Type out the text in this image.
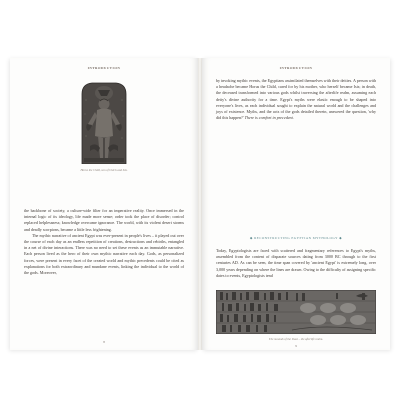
INTRODUCTION
Horus the Child, son of Osiris and Isis.

the backbone of society, a culture-wide filter for an imperative reality. Once immersed in the internal logic of its ideology, life made more sense; order took the place of disorder; control replaced helplessness; knowledge overcame ignorance. The world, with its violent desert storms and deadly scorpions, became a little less frightening.

The mythic narrative of ancient Egypt was ever-present in people's lives – it played out over the course of each day as an endless repetition of creations, destructions and rebirths, entangled in a net of divine interactions. There was no need to set these events as an immutable narrative. Each person lived as the hero of their own mythic narrative each day. Gods, as personalized forces, were present in every facet of the created world and mythic precedents could be cited as explanations for both extraordinary and mundane events, linking the individual to the world of the gods. Moreover,

8
INTRODUCTION

by invoking mythic events, the Egyptians assimilated themselves with their deities. A person with a headache became Horus the Child, cared for by his mother, who herself became Isis; in death, the deceased transformed into various gods whilst traversing the afterlife realm, assuming each deity's divine authority for a time. Egypt's myths were elastic enough to be shaped into everyone's lives, as each individual sought to explain the natural world and the challenges and joys of existence. Myths, and the acts of the gods detailed therein, answered the question, 'why did this happen?' There is comfort in precedent.

◆ RECONSTRUCTING EGYPTIAN MYTHOLOGY ◆

Today, Egyptologists are faced with scattered and fragmentary references to Egypt's myths, assembled from the content of disparate sources dating from 3000 BC through to the first centuries AD. As can be seen, the time span covered by 'ancient Egypt' is extremely long, over 3,000 years depending on where the lines are drawn. Owing to the difficulty of assigning specific dates to events, Egyptologists tend

The mounds of the Duat – the afterlife realm.
9
